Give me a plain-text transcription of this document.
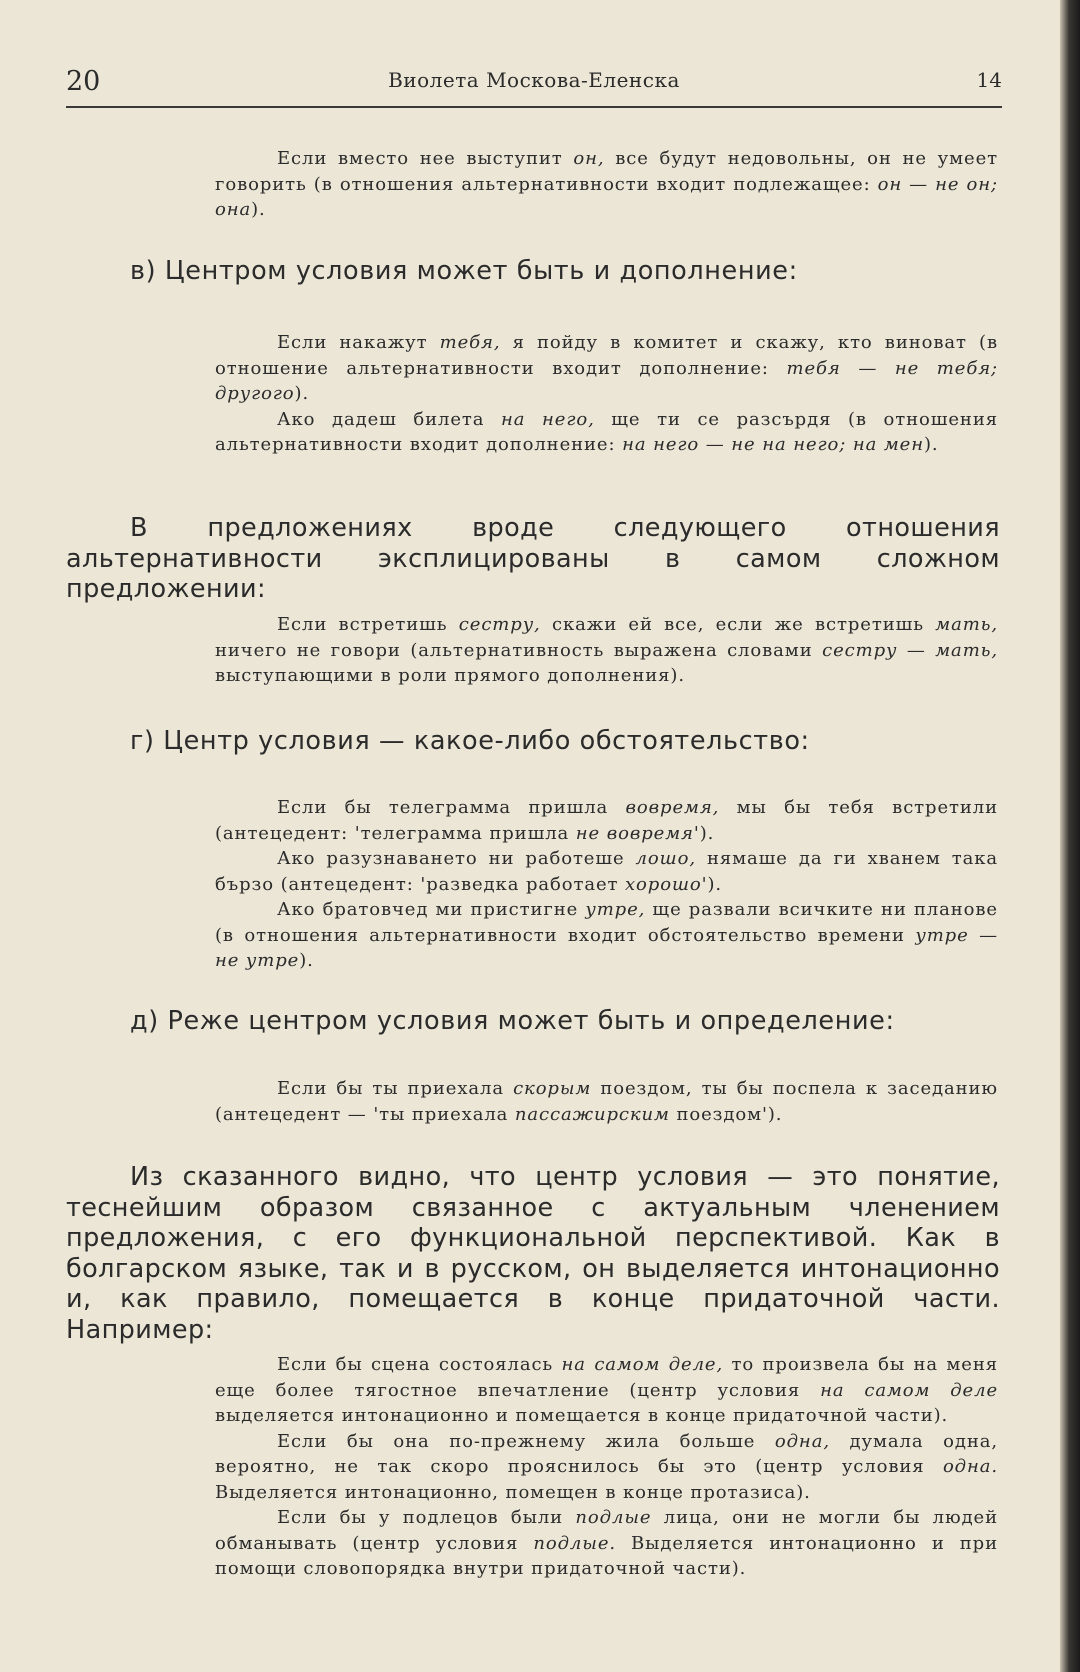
20	Виолета Москова-Еленска	14

Если вместо нее выступит он, все будут недовольны, он не умеет говорить (в отношения альтернативности входит подлежащее: он — не он; она).

в) Центром условия может быть и дополнение:

Если накажут тебя, я пойду в комитет и скажу, кто виноват (в отношение альтернативности входит дополнение: тебя — не тебя; другого).

Ако дадеш билета на него, ще ти се разсърдя (в отношения альтернативности входит дополнение: на него — не на него; на мен).

В предложениях вроде следующего отношения альтернативности эксплицированы в самом сложном предложении:

Если встретишь сестру, скажи ей все, если же встретишь мать, ничего не говори (альтернативность выражена словами сестру — мать, выступающими в роли прямого дополнения).

г) Центр условия — какое-либо обстоятельство:

Если бы телеграмма пришла вовремя, мы бы тебя встретили (антецедент: 'телеграмма пришла не вовремя').

Ако разузнаването ни работеше лошо, нямаше да ги хванем така бързо (антецедент: 'разведка работает хорошо').

Ако братовчед ми пристигне утре, ще развали всичките ни планове (в отношения альтернативности входит обстоятельство времени утре — не утре).

д) Реже центром условия может быть и определение:

Если бы ты приехала скорым поездом, ты бы поспела к заседанию (антецедент — 'ты приехала пассажирским поездом').

Из сказанного видно, что центр условия — это понятие, теснейшим образом связанное с актуальным членением предложения, с его функциональной перспективой. Как в болгарском языке, так и в русском, он выделяется интонационно и, как правило, помещается в конце придаточной части. Например:

Если бы сцена состоялась на самом деле, то произвела бы на меня еще более тягостное впечатление (центр условия на самом деле выделяется интонационно и помещается в конце придаточной части).

Если бы она по-прежнему жила больше одна, думала одна, вероятно, не так скоро прояснилось бы это (центр условия одна. Выделяется интонационно, помещен в конце протазиса).

Если бы у подлецов были подлые лица, они не могли бы людей обманывать (центр условия подлые. Выделяется интонационно и при помощи словопорядка внутри придаточной части).
